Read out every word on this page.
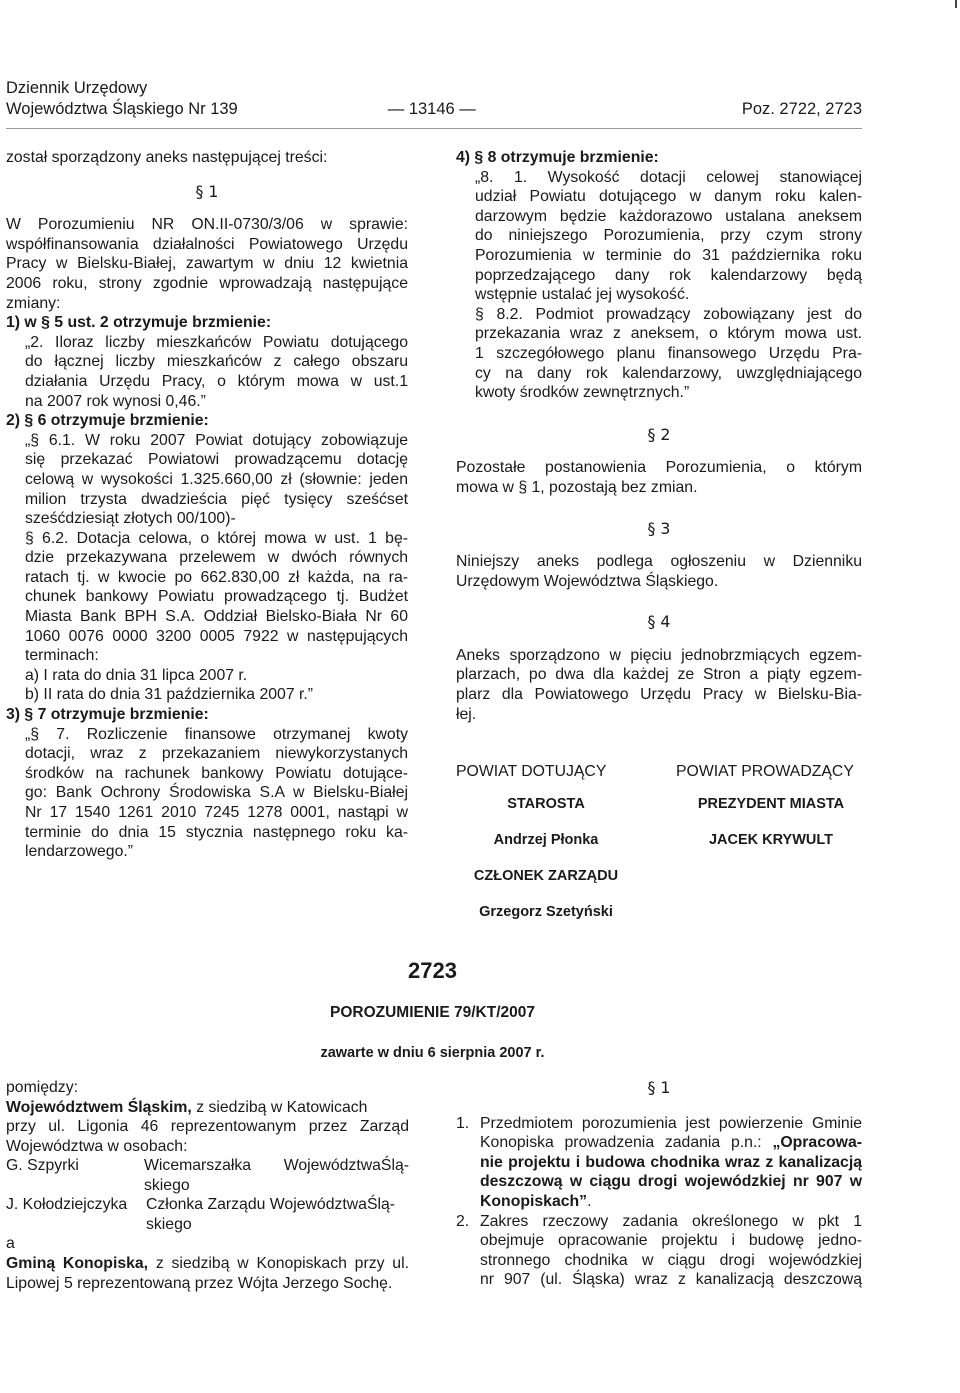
Dziennik Urzędowy
Województwa Śląskiego Nr 139	— 13146 —	Poz. 2722, 2723

został sporządzony aneks następującej treści:

§ 1

W Porozumieniu NR ON.II-0730/3/06 w sprawie:

współfinansowania działalności Powiatowego Urzędu

Pracy w Bielsku-Białej, zawartym w dniu 12 kwietnia

2006 roku, strony zgodnie wprowadzają następujące

zmiany:

1) w § 5 ust. 2 otrzymuje brzmienie:

„2. Iloraz liczby mieszkańców Powiatu dotującego

do łącznej liczby mieszkańców z całego obszaru

działania Urzędu Pracy, o którym mowa w ust.1

na 2007 rok wynosi 0,46.”

2) § 6 otrzymuje brzmienie:

„§ 6.1. W roku 2007 Powiat dotujący zobowiązuje

się przekazać Powiatowi prowadzącemu dotację

celową w wysokości 1.325.660,00 zł (słownie: jeden

milion trzysta dwadzieścia pięć tysięcy sześćset

sześćdziesiąt złotych 00/100)-

§ 6.2. Dotacja celowa, o której mowa w ust. 1 bę-

dzie przekazywana przelewem w dwóch równych

ratach tj. w kwocie po 662.830,00 zł każda, na ra-

chunek bankowy Powiatu prowadzącego tj. Budżet

Miasta Bank BPH S.A. Oddział Bielsko-Biała Nr 60

1060 0076 0000 3200 0005 7922 w następujących

terminach:

a) I rata do dnia 31 lipca 2007 r.

b) II rata do dnia 31 października 2007 r.”

3) § 7 otrzymuje brzmienie:

„§ 7. Rozliczenie finansowe otrzymanej kwoty

dotacji, wraz z przekazaniem niewykorzystanych

środków na rachunek bankowy Powiatu dotujące-

go: Bank Ochrony Środowiska S.A w Bielsku-Białej

Nr 17 1540 1261 2010 7245 1278 0001, nastąpi w

terminie do dnia 15 stycznia następnego roku ka-

lendarzowego.”

4) § 8 otrzymuje brzmienie:

„8. 1. Wysokość dotacji celowej stanowiącej

udział Powiatu dotującego w danym roku kalen-

darzowym będzie każdorazowo ustalana aneksem

do niniejszego Porozumienia, przy czym strony

Porozumienia w terminie do 31 października roku

poprzedzającego dany rok kalendarzowy będą

wstępnie ustalać jej wysokość.

§ 8.2. Podmiot prowadzący zobowiązany jest do

przekazania wraz z aneksem, o którym mowa ust.

1 szczegółowego planu finansowego Urzędu Pra-

cy na dany rok kalendarzowy, uwzględniającego

kwoty środków zewnętrznych.”

§ 2

Pozostałe postanowienia Porozumienia, o którym

mowa w § 1, pozostają bez zmian.

§ 3

Niniejszy aneks podlega ogłoszeniu w Dzienniku

Urzędowym Województwa Śląskiego.

§ 4

Aneks sporządzono w pięciu jednobrzmiących egzem-

plarzach, po dwa dla każdej ze Stron a piąty egzem-

plarz dla Powiatowego Urzędu Pracy w Bielsku-Bia-

łej.

POWIAT DOTUJĄCY	POWIAT PROWADZĄCY
STAROSTA
Andrzej Płonka
CZŁONEK ZARZĄDU
Grzegorz Szetyński
PREZYDENT MIASTA
JACEK KRYWULT
2723
POROZUMIENIE 79/KT/2007
zawarte w dniu 6 sierpnia 2007 r.

pomiędzy:

Województwem Śląskim, z siedzibą w Katowicach

przy ul. Ligonia 46 reprezentowanym przez Zarząd

Województwa w osobach:

G. Szpyrki	Wicemarszałka WojewództwaŚlą-
skiego
J. Kołodziejczyka Członka Zarządu WojewództwaŚlą-
skiego

a

Gminą Konopiska, z siedzibą w Konopiskach przy ul.

Lipowej 5 reprezentowaną przez Wójta Jerzego Sochę.

§ 1

1. Przedmiotem porozumienia jest powierzenie Gminie

Konopiska prowadzenia zadania p.n.: „Opracowa-

nie projektu i budowa chodnika wraz z kanalizacją

deszczową w ciągu drogi wojewódzkiej nr 907 w

Konopiskach”.

2. Zakres rzeczowy zadania określonego w pkt 1

obejmuje opracowanie projektu i budowę jedno-

stronnego chodnika w ciągu drogi wojewódzkiej

nr 907 (ul. Śląska) wraz z kanalizacją deszczową
